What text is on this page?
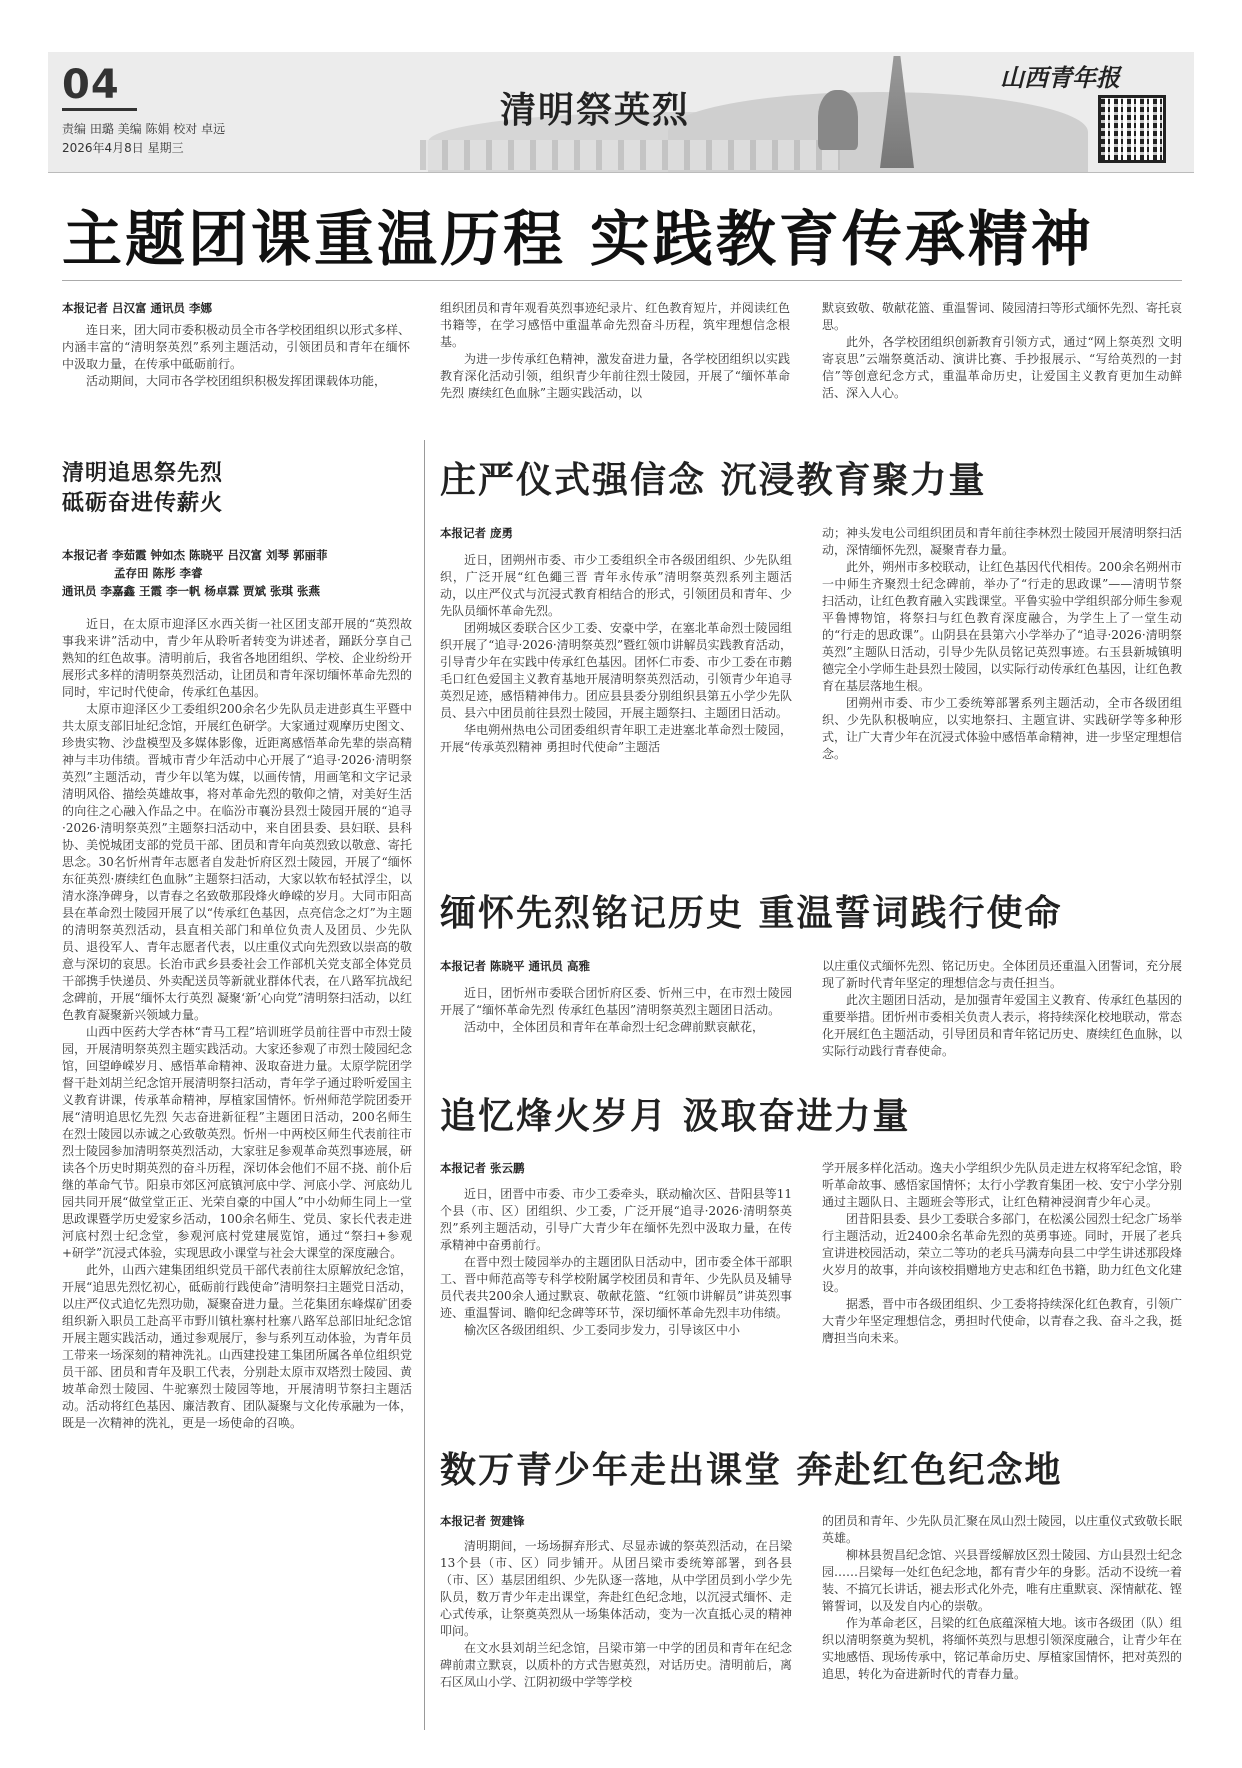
04
责编 田璐 美编 陈娟 校对 卓远
2026年4月8日 星期三
清明祭英烈
山西青年报
主题团课重温历程 实践教育传承精神
本报记者 吕汉富 通讯员 李娜

连日来，团大同市委积极动员全市各学校团组织以形式多样、内涵丰富的“清明祭英烈”系列主题活动，引领团员和青年在缅怀中汲取力量，在传承中砥砺前行。

活动期间，大同市各学校团组织积极发挥团课载体功能，

组织团员和青年观看英烈事迹纪录片、红色教育短片，并阅读红色书籍等，在学习感悟中重温革命先烈奋斗历程，筑牢理想信念根基。

为进一步传承红色精神，激发奋进力量，各学校团组织以实践教育深化活动引领，组织青少年前往烈士陵园，开展了“缅怀革命先烈 赓续红色血脉”主题实践活动，以

默哀致敬、敬献花篮、重温誓词、陵园清扫等形式缅怀先烈、寄托哀思。

此外，各学校团组织创新教育引领方式，通过“网上祭英烈 文明寄哀思”云端祭奠活动、演讲比赛、手抄报展示、“写给英烈的一封信”等创意纪念方式，重温革命历史，让爱国主义教育更加生动鲜活、深入人心。

清明追思祭先烈
砥砺奋进传薪火
本报记者 李茹霞 钟如杰 陈晓平 吕汉富 刘琴 郭丽菲
孟存田 陈彤 李睿
通讯员 李嘉鑫 王霞 李一帆 杨卓霖 贾斌 张琪 张燕

近日，在太原市迎泽区水西关街一社区团支部开展的“英烈故事我来讲”活动中，青少年从聆听者转变为讲述者，踊跃分享自己熟知的红色故事。清明前后，我省各地团组织、学校、企业纷纷开展形式多样的清明祭英烈活动，让团员和青年深切缅怀革命先烈的同时，牢记时代使命，传承红色基因。

太原市迎泽区少工委组织200余名少先队员走进彭真生平暨中共太原支部旧址纪念馆，开展红色研学。大家通过观摩历史图文、珍贵实物、沙盘模型及多媒体影像，近距离感悟革命先辈的崇高精神与丰功伟绩。晋城市青少年活动中心开展了“追寻·2026·清明祭英烈”主题活动，青少年以笔为媒，以画传情，用画笔和文字记录清明风俗、描绘英雄故事，将对革命先烈的敬仰之情，对美好生活的向往之心融入作品之中。在临汾市襄汾县烈士陵园开展的“追寻·2026·清明祭英烈”主题祭扫活动中，来自团县委、县妇联、县科协、美悦城团支部的党员干部、团员和青年向英烈致以敬意、寄托思念。30名忻州青年志愿者自发赴忻府区烈士陵园，开展了“缅怀东征英烈·赓续红色血脉”主题祭扫活动，大家以软布轻拭浮尘，以清水涤净碑身，以青春之名致敬那段烽火峥嵘的岁月。大同市阳高县在革命烈士陵园开展了以“传承红色基因，点亮信念之灯”为主题的清明祭英烈活动，县直相关部门和单位负责人及团员、少先队员、退役军人、青年志愿者代表，以庄重仪式向先烈致以崇高的敬意与深切的哀思。长治市武乡县委社会工作部机关党支部全体党员干部携手快递员、外卖配送员等新就业群体代表，在八路军抗战纪念碑前，开展“缅怀太行英烈 凝聚‘新’心向党”清明祭扫活动，以红色教育凝聚新兴领域力量。

山西中医药大学杏林“青马工程”培训班学员前往晋中市烈士陵园，开展清明祭英烈主题实践活动。大家还参观了市烈士陵园纪念馆，回望峥嵘岁月、感悟革命精神、汲取奋进力量。太原学院团学督干赴刘胡兰纪念馆开展清明祭扫活动，青年学子通过聆听爱国主义教育讲课，传承革命精神，厚植家国情怀。忻州师范学院团委开展“清明追思忆先烈 矢志奋进新征程”主题团日活动，200名师生在烈士陵园以赤诚之心致敬英烈。忻州一中两校区师生代表前往市烈士陵园参加清明祭英烈活动，大家驻足参观革命英烈事迹展，研读各个历史时期英烈的奋斗历程，深切体会他们不屈不挠、前仆后继的革命气节。阳泉市郊区河底镇河底中学、河底小学、河底幼儿园共同开展“做堂堂正正、光荣自豪的中国人”中小幼师生同上一堂思政课暨学历史爱家乡活动，100余名师生、党员、家长代表走进河底村烈士纪念堂，参观河底村党建展览馆，通过“祭扫+参观+研学”沉浸式体验，实现思政小课堂与社会大课堂的深度融合。

此外，山西六建集团组织党员干部代表前往太原解放纪念馆，开展“追思先烈忆初心，砥砺前行践使命”清明祭扫主题党日活动，以庄严仪式追忆先烈功勋，凝聚奋进力量。兰花集团东峰煤矿团委组织新入职员工赴高平市野川镇杜寨村杜寨八路军总部旧址纪念馆开展主题实践活动，通过参观展厅，参与系列互动体验，为青年员工带来一场深刻的精神洗礼。山西建投建工集团所属各单位组织党员干部、团员和青年及职工代表，分别赴太原市双塔烈士陵园、黄坡革命烈士陵园、牛驼寨烈士陵园等地，开展清明节祭扫主题活动。活动将红色基因、廉洁教育、团队凝聚与文化传承融为一体，既是一次精神的洗礼，更是一场使命的召唤。

庄严仪式强信念 沉浸教育聚力量
本报记者 庞勇

近日，团朔州市委、市少工委组织全市各级团组织、少先队组织，广泛开展“红色繩三晋 青年永传承”清明祭英烈系列主题活动，以庄严仪式与沉浸式教育相结合的形式，引领团员和青年、少先队员缅怀革命先烈。

团朔城区委联合区少工委、安豪中学，在塞北革命烈士陵园组织开展了“追寻·2026·清明祭英烈”暨红领巾讲解员实践教育活动，引导青少年在实践中传承红色基因。团怀仁市委、市少工委在市鹅毛口红色爱国主义教育基地开展清明祭英烈活动，引领青少年追寻英烈足迹，感悟精神伟力。团应县县委分别组织县第五小学少先队员、县六中团员前往县烈士陵园，开展主题祭扫、主题团日活动。

华电朔州热电公司团委组织青年职工走进塞北革命烈士陵园，开展“传承英烈精神 勇担时代使命”主题活

动；神头发电公司组织团员和青年前往李林烈士陵园开展清明祭扫活动，深情缅怀先烈，凝聚青春力量。

此外，朔州市多校联动，让红色基因代代相传。200余名朔州市一中师生齐聚烈士纪念碑前，举办了“行走的思政课”——清明节祭扫活动，让红色教育融入实践课堂。平鲁实验中学组织部分师生参观平鲁博物馆，将祭扫与红色教育深度融合，为学生上了一堂生动的“行走的思政课”。山阴县在县第六小学举办了“追寻·2026·清明祭英烈”主题队日活动，引导少先队员铭记英烈事迹。右玉县新城镇明德完全小学师生赴县烈士陵园，以实际行动传承红色基因，让红色教育在基层落地生根。

团朔州市委、市少工委统筹部署系列主题活动，全市各级团组织、少先队积极响应，以实地祭扫、主题宣讲、实践研学等多种形式，让广大青少年在沉浸式体验中感悟革命精神，进一步坚定理想信念。

缅怀先烈铭记历史 重温誓词践行使命
本报记者 陈晓平 通讯员 高雅

近日，团忻州市委联合团忻府区委、忻州三中，在市烈士陵园开展了“缅怀革命先烈 传承红色基因”清明祭英烈主题团日活动。

活动中，全体团员和青年在革命烈士纪念碑前默哀献花，

以庄重仪式缅怀先烈、铭记历史。全体团员还重温入团誓词，充分展现了新时代青年坚定的理想信念与责任担当。

此次主题团日活动，是加强青年爱国主义教育、传承红色基因的重要举措。团忻州市委相关负责人表示，将持续深化校地联动，常态化开展红色主题活动，引导团员和青年铭记历史、赓续红色血脉，以实际行动践行青春使命。

追忆烽火岁月 汲取奋进力量
本报记者 张云鹏

近日，团晋中市委、市少工委牵头，联动榆次区、昔阳县等11个县（市、区）团组织、少工委，广泛开展“追寻·2026·清明祭英烈”系列主题活动，引导广大青少年在缅怀先烈中汲取力量，在传承精神中奋勇前行。

在晋中烈士陵园举办的主题团队日活动中，团市委全体干部职工、晋中师范高等专科学校附属学校团员和青年、少先队员及辅导员代表共200余人通过默哀、敬献花篮、“红领巾讲解员”讲英烈事迹、重温誓词、瞻仰纪念碑等环节，深切缅怀革命先烈丰功伟绩。

榆次区各级团组织、少工委同步发力，引导该区中小

学开展多样化活动。逸夫小学组织少先队员走进左权将军纪念馆，聆听革命故事、感悟家国情怀；太行小学教育集团一校、安宁小学分别通过主题队日、主题班会等形式，让红色精神浸润青少年心灵。

团昔阳县委、县少工委联合多部门，在松溪公园烈士纪念广场举行主题活动，近2400余名革命先烈的英勇事迹。同时，开展了老兵宣讲进校园活动，荣立二等功的老兵马满寿向县二中学生讲述那段烽火岁月的故事，并向该校捐赠地方史志和红色书籍，助力红色文化建设。

据悉，晋中市各级团组织、少工委将持续深化红色教育，引领广大青少年坚定理想信念，勇担时代使命，以青春之我、奋斗之我，挺膺担当向未来。

数万青少年走出课堂 奔赴红色纪念地
本报记者 贺建锋

清明期间，一场场摒弃形式、尽显赤诚的祭英烈活动，在吕梁13个县（市、区）同步铺开。从团吕梁市委统筹部署，到各县（市、区）基层团组织、少先队逐一落地，从中学团员到小学少先队员，数万青少年走出课堂，奔赴红色纪念地，以沉浸式缅怀、走心式传承，让祭奠英烈从一场集体活动，变为一次直抵心灵的精神叩问。

在文水县刘胡兰纪念馆，吕梁市第一中学的团员和青年在纪念碑前肃立默哀，以质朴的方式告慰英烈，对话历史。清明前后，离石区凤山小学、江阴初级中学等学校

的团员和青年、少先队员汇聚在凤山烈士陵园，以庄重仪式致敬长眠英雄。

柳林县贺昌纪念馆、兴县晋绥解放区烈士陵园、方山县烈士纪念园……吕梁每一处红色纪念地，都有青少年的身影。活动不设统一着装、不搞冗长讲话，褪去形式化外壳，唯有庄重默哀、深情献花、铿锵誓词，以及发自内心的崇敬。

作为革命老区，吕梁的红色底蕴深植大地。该市各级团（队）组织以清明祭奠为契机，将缅怀英烈与思想引领深度融合，让青少年在实地感悟、现场传承中，铭记革命历史、厚植家国情怀，把对英烈的追思，转化为奋进新时代的青春力量。
